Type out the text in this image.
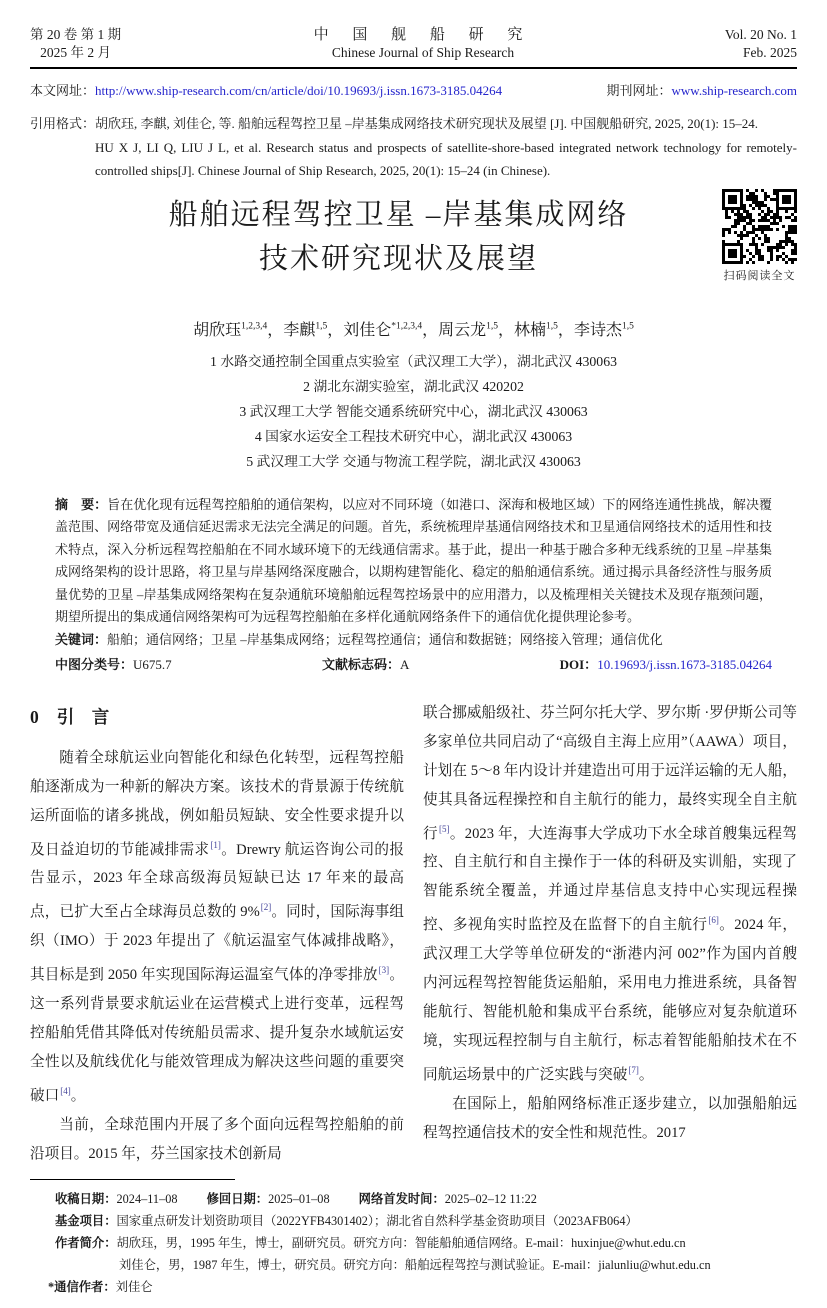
第 20 卷 第 1 期
2025 年 2 月
中 国 舰 船 研 究
Chinese Journal of Ship Research
Vol. 20 No. 1
Feb. 2025
本文网址：http://www.ship-research.com/cn/article/doi/10.19693/j.issn.1673-3185.04264	期刊网址：www.ship-research.com
引用格式： 胡欣珏, 李麒, 刘佳仑, 等. 船舶远程驾控卫星 –岸基集成网络技术研究现状及展望 [J]. 中国舰船研究, 2025, 20(1): 15–24.

HU X J, LI Q, LIU J L, et al. Research status and prospects of satellite-shore-based integrated network technology for remotely-controlled ships[J]. Chinese Journal of Ship Research, 2025, 20(1): 15–24 (in Chinese).

船舶远程驾控卫星 –岸基集成网络
技术研究现状及展望
扫码阅读全文
胡欣珏$^{1,2,3,4}$，李麒$^{1,5}$，刘佳仑$^{*1,2,3,4}$，周云龙$^{1,5}$，林楠$^{1,5}$，李诗杰$^{1,5}$
1 水路交通控制全国重点实验室（武汉理工大学），湖北武汉 430063
2 湖北东湖实验室，湖北武汉 420202
3 武汉理工大学 智能交通系统研究中心，湖北武汉 430063
4 国家水运安全工程技术研究中心，湖北武汉 430063
5 武汉理工大学 交通与物流工程学院，湖北武汉 430063
摘　要：旨在优化现有远程驾控船舶的通信架构，以应对不同环境（如港口、深海和极地区域）下的网络连通性挑战，解决覆盖范围、网络带宽及通信延迟需求无法完全满足的问题。首先，系统梳理岸基通信网络技术和卫星通信网络技术的适用性和技术特点，深入分析远程驾控船舶在不同水域环境下的无线通信需求。基于此，提出一种基于融合多种无线系统的卫星 –岸基集成网络架构的设计思路，将卫星与岸基网络深度融合，以期构建智能化、稳定的船舶通信系统。通过揭示具备经济性与服务质量优势的卫星 –岸基集成网络架构在复杂通航环境船舶远程驾控场景中的应用潜力，以及梳理相关关键技术及现存瓶颈问题，期望所提出的集成通信网络架构可为远程驾控船舶在多样化通航网络条件下的通信优化提供理论参考。
关键词：船舶；通信网络；卫星 –岸基集成网络；远程驾控通信；通信和数据链；网络接入管理；通信优化
中图分类号：U675.7	文献标志码：A	DOI：10.19693/j.issn.1673-3185.04264
0 引　言
随着全球航运业向智能化和绿色化转型，远程驾控船舶逐渐成为一种新的解决方案。该技术的背景源于传统航运所面临的诸多挑战，例如船员短缺、安全性要求提升以及日益迫切的节能减排需求[1]。Drewry 航运咨询公司的报告显示，2023 年全球高级海员短缺已达 17 年来的最高点，已扩大至占全球海员总数的 9%[2]。同时，国际海事组织（IMO）于 2023 年提出了《航运温室气体减排战略》，其目标是到 2050 年实现国际海运温室气体的净零排放[3]。这一系列背景要求航运业在运营模式上进行变革，远程驾控船舶凭借其降低对传统船员需求、提升复杂水域航运安全性以及航线优化与能效管理成为解决这些问题的重要突破口[4]。
当前，全球范围内开展了多个面向远程驾控船舶的前沿项目。2015 年，芬兰国家技术创新局
联合挪威船级社、芬兰阿尔托大学、罗尔斯 ·罗伊斯公司等多家单位共同启动了“高级自主海上应用”（AAWA）项目，计划在 5～8 年内设计并建造出可用于远洋运输的无人船，使其具备远程操控和自主航行的能力，最终实现全自主航行[5]。2023 年，大连海事大学成功下水全球首艘集远程驾控、自主航行和自主操作于一体的科研及实训船，实现了智能系统全覆盖，并通过岸基信息支持中心实现远程操控、多视角实时监控及在监督下的自主航行[6]。2024 年，武汉理工大学等单位研发的“浙港内河 002”作为国内首艘内河远程驾控智能货运船舶，采用电力推进系统，具备智能航行、智能机舱和集成平台系统，能够应对复杂航道环境，实现远程控制与自主航行，标志着智能船舶技术在不同航运场景中的广泛实践与突破[7]。
在国际上，船舶网络标准正逐步建立，以加强船舶远程驾控通信技术的安全性和规范性。2017
收稿日期：2024–11–08 修回日期：2025–01–08 网络首发时间：2025–02–12 11:22
基金项目： 国家重点研发计划资助项目（2022YFB4301402）；湖北省自然科学基金资助项目（2023AFB064）
作者简介： 胡欣珏，男，1995 年生，博士，副研究员。研究方向：智能船舶通信网络。E-mail：huxinjue@whut.edu.cn
刘佳仑，男，1987 年生，博士，研究员。研究方向：船舶远程驾控与测试验证。E-mail：jialunliu@whut.edu.cn
*通信作者：刘佳仑
